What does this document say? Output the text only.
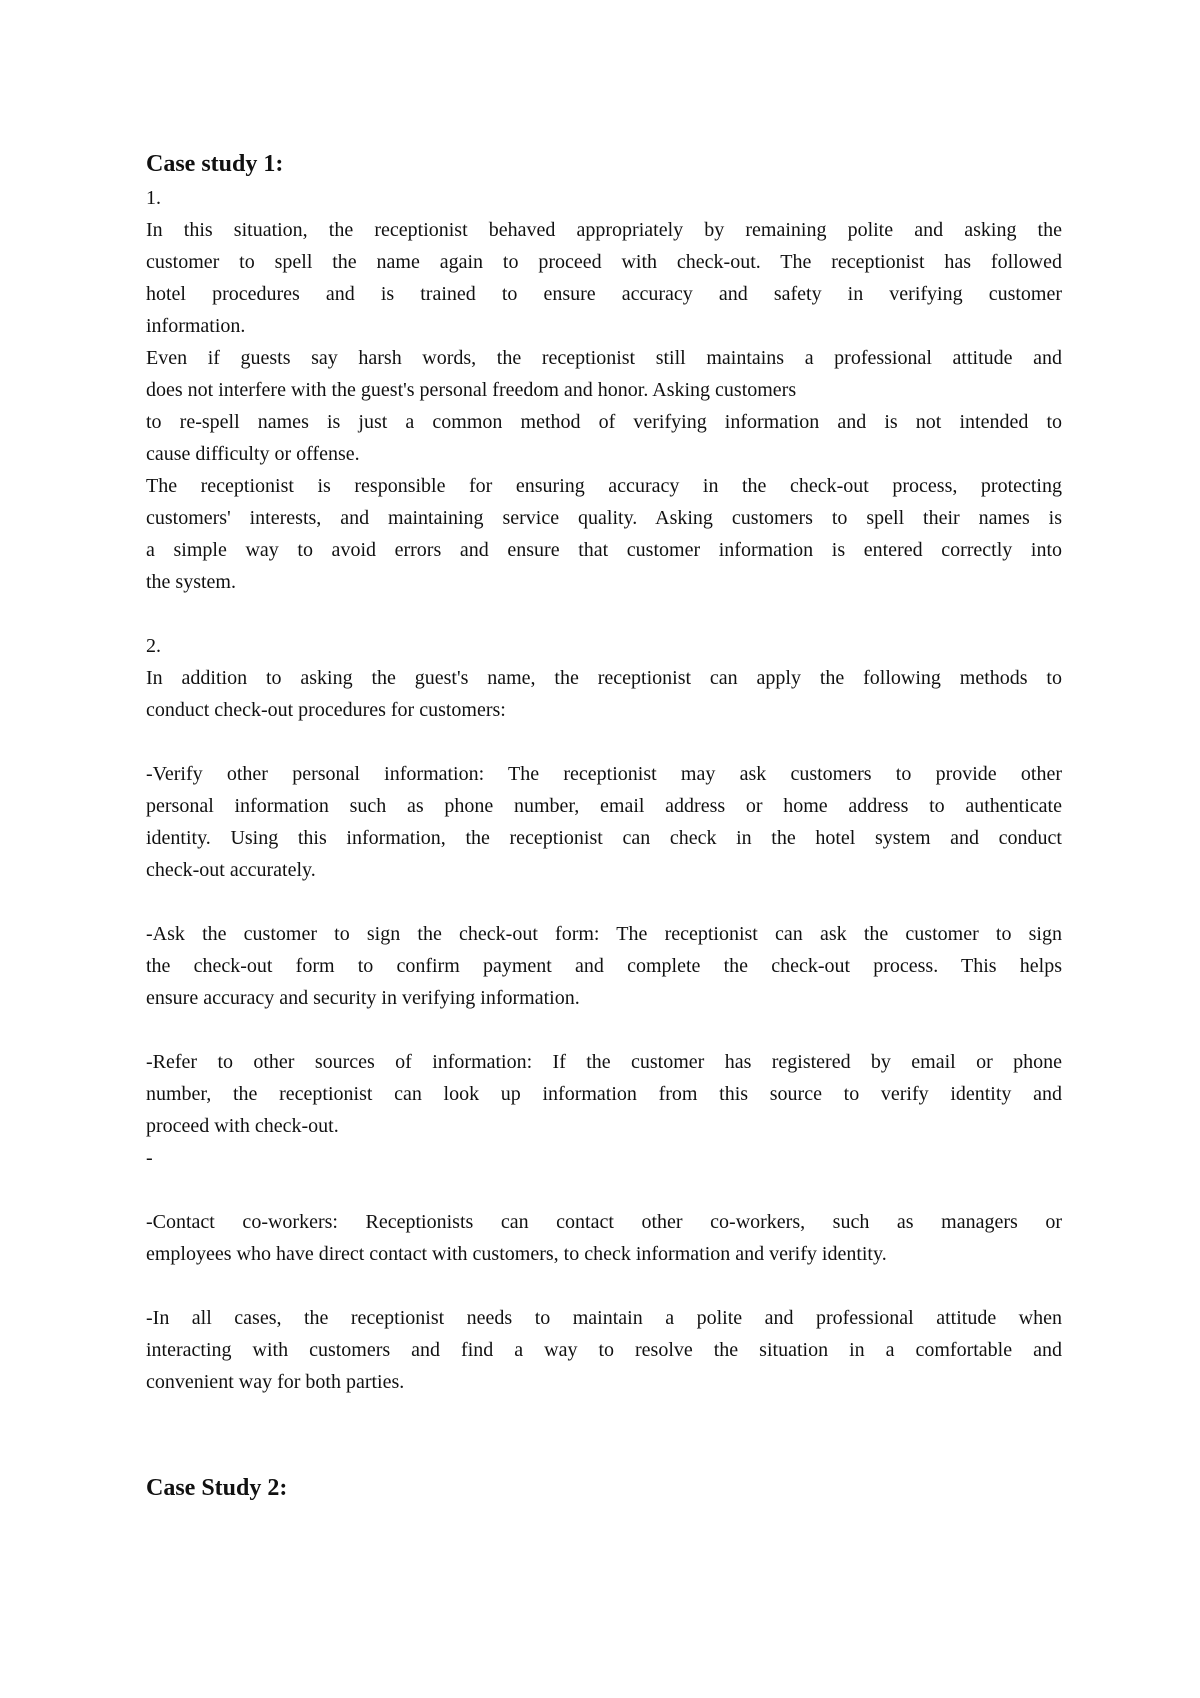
Case study 1:
1.
In this situation, the receptionist behaved appropriately by remaining polite and asking the
customer to spell the name again to proceed with check-out. The receptionist has followed
hotel procedures and is trained to ensure accuracy and safety in verifying customer
information.
Even if guests say harsh words, the receptionist still maintains a professional attitude and
does not interfere with the guest's personal freedom and honor. Asking customers
to re-spell names is just a common method of verifying information and is not intended to
cause difficulty or offense.
The receptionist is responsible for ensuring accuracy in the check-out process, protecting
customers' interests, and maintaining service quality. Asking customers to spell their names is
a simple way to avoid errors and ensure that customer information is entered correctly into
the system.
2.
In addition to asking the guest's name, the receptionist can apply the following methods to
conduct check-out procedures for customers:
-Verify other personal information: The receptionist may ask customers to provide other
personal information such as phone number, email address or home address to authenticate
identity. Using this information, the receptionist can check in the hotel system and conduct
check-out accurately.
-Ask the customer to sign the check-out form: The receptionist can ask the customer to sign
the check-out form to confirm payment and complete the check-out process. This helps
ensure accuracy and security in verifying information.
-Refer to other sources of information: If the customer has registered by email or phone
number, the receptionist can look up information from this source to verify identity and
proceed with check-out.
-
-Contact co-workers: Receptionists can contact other co-workers, such as managers or
employees who have direct contact with customers, to check information and verify identity.
-In all cases, the receptionist needs to maintain a polite and professional attitude when
interacting with customers and find a way to resolve the situation in a comfortable and
convenient way for both parties.
Case Study 2:
